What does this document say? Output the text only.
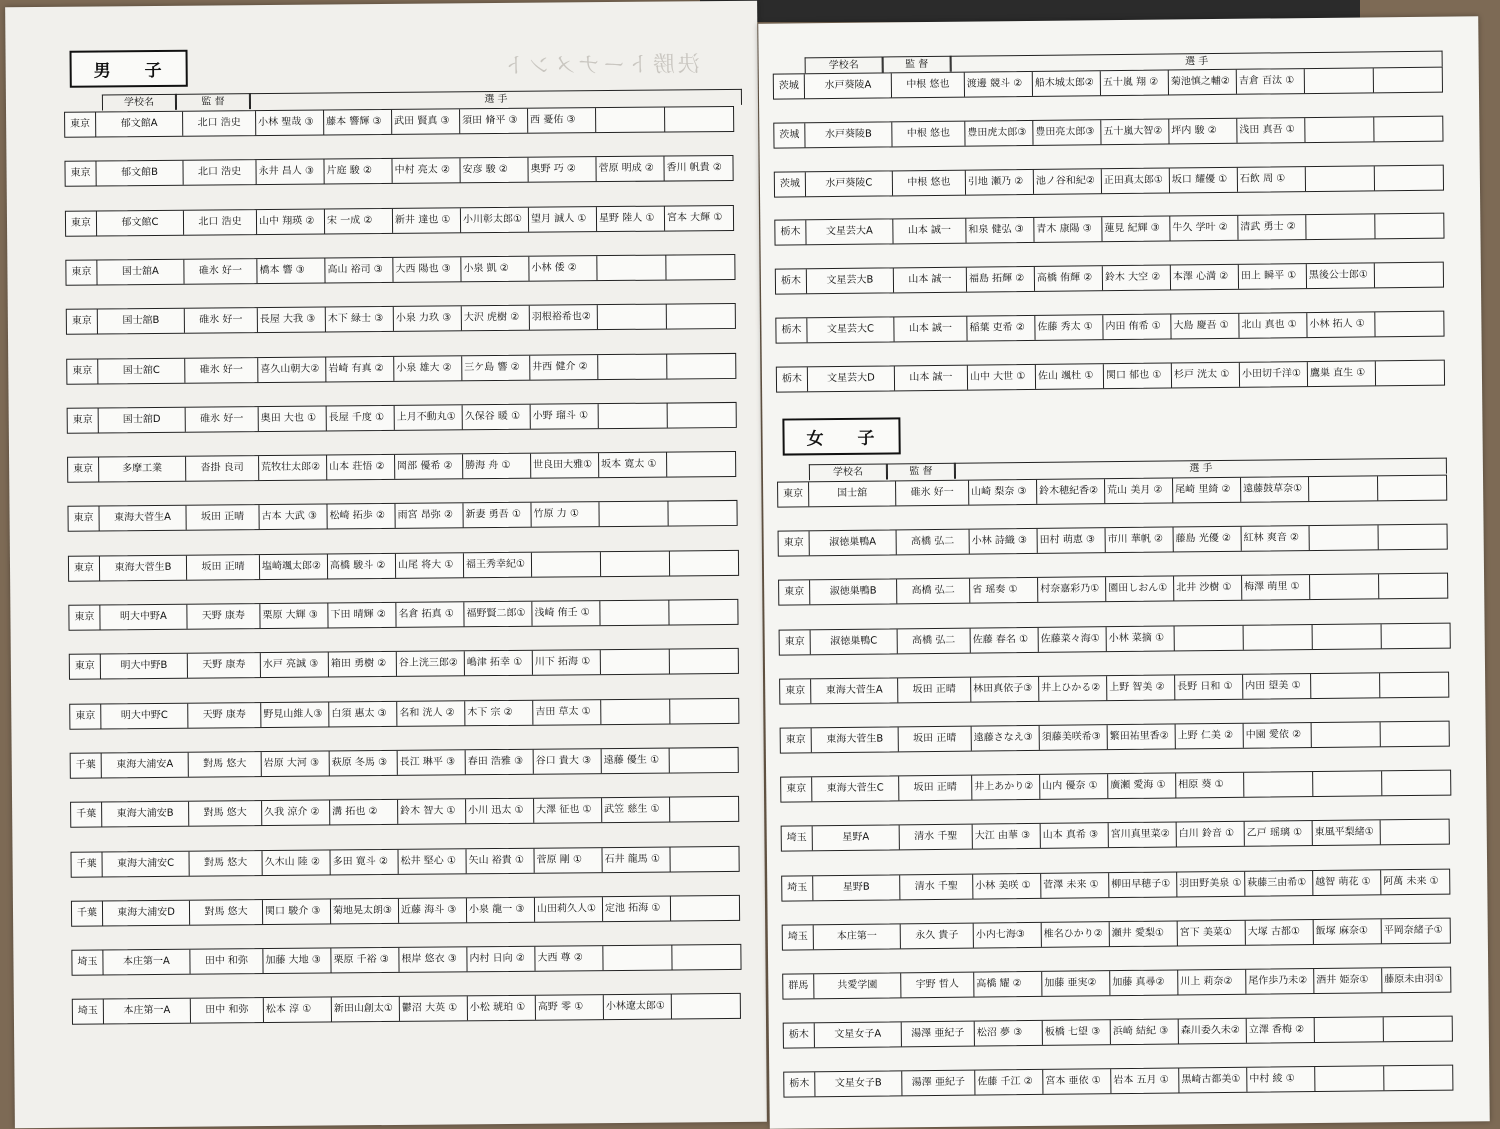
決勝トーナメント
男 子
学校名	監 督	選 手
東京	郁文館A	北口 浩史	小林 聖哉 ③	藤本 響輝 ③	武田 賢真 ③	須田 脩平 ③	西 憂佑 ③
東京	郁文館B	北口 浩史	永井 昌人 ③	片庭 駿 ②	中村 亮太 ②	安彦 駿 ②	奥野 巧 ②	菅原 明成 ②	香川 帆貴 ②
東京	郁文館C	北口 浩史	山中 翔瑛 ②	宋 一成 ②	新井 達也 ①	小川彰太郎① 望月 誠人 ①	星野 陸人 ①	宮本 大輝 ①
東京	国士舘A	碓氷 好一	橋本 響 ③	高山 裕司 ③	大西 陽也 ③	小泉 凱 ②	小林 倭 ②
東京	国士舘B	碓氷 好一	長屋 大我 ③	木下 緑士 ③	小泉 力玖 ③	大沢 虎樹 ②	羽根裕希也②
東京	国士舘C	碓氷 好一	喜久山朝大② 岩崎 有真 ②	小泉 雄大 ②	三ケ島 響 ②	井西 健介 ②
東京	国士舘D	碓氷 好一	奥田 大也 ①	長屋 千度 ①	上月不動丸① 久保谷 暖 ①	小野 瑠斗 ①
東京	多摩工業	沓掛 良司	荒牧壮太郎② 山本 荘悟 ②	岡部 優希 ②	勝海 舟 ①	世良田大雅① 坂本 寛太 ①
東京	東海大菅生A	坂田 正晴	古本 大武 ③	松崎 拓歩 ②	雨宮 昂弥 ②	新妻 勇吾 ①	竹原 力 ①
東京	東海大菅生B	坂田 正晴	塩崎颯太郎② 高橋 駿斗 ②	山尾 将大 ①	福王秀幸紀①
東京	明大中野A	天野 康寿	栗原 大輝 ③	下田 晴輝 ②	名倉 拓真 ①	福野賢二郎① 浅崎 侑壬 ①
東京	明大中野B	天野 康寿	水戸 亮誠 ③	箱田 勇樹 ②	谷上洸三郎② 嶋津 拓幸 ①	川下 拓海 ①
東京	明大中野C	天野 康寿	野見山維人③ 白須 惠太 ③	名和 洸人 ②	木下 宗 ②	吉田 草太 ①
千葉	東海大浦安A	對馬 悠大	岩原 大河 ③	萩原 冬馬 ③	長江 琳平 ③	春田 浩雅 ③	谷口 貴大 ③	遠藤 優生 ①
千葉	東海大浦安B	對馬 悠大	久我 涼介 ②	溝 拓也 ②	鈴木 智大 ①	小川 迅太 ①	大澤 征也 ①	武笠 慈生 ①
千葉	東海大浦安C	對馬 悠大	久木山 陸 ②	多田 寛斗 ②	松井 堅心 ①	矢山 裕貴 ①	菅原 剛 ①	石井 龍馬 ①
千葉	東海大浦安D	對馬 悠大	関口 駿介 ③	菊地晃太朗③ 近藤 海斗 ③	小泉 龍一 ③	山田莉久人① 定池 拓海 ①
埼玉	本庄第一A	田中 和弥	加藤 大地 ③	栗原 千裕 ③	根岸 悠衣 ③	内村 日向 ②	大西 尊 ②
埼玉	本庄第一A	田中 和弥	松本 淳 ①	新田山創太① 鬱沼 大英 ①	小松 琥珀 ①	高野 零 ①	小林遼太郎①
学校名	監 督	選 手
茨城	水戸葵陵A	中根 悠也	渡邊 競斗 ②	船木城太郎② 五十嵐 翔 ②	菊池慎之輔② 吉倉 百汰 ①
茨城	水戸葵陵B	中根 悠也	豊田虎太郎③ 豊田亮太郎③ 五十嵐大智② 坪内 駿 ②	浅田 真吾 ①
茨城	水戸葵陵C	中根 悠也	引地 瀬乃 ②	池ノ谷和紀② 正田真太郎① 坂口 耀優 ①	石飲 周 ①
栃木	文星芸大A	山本 誠一	和泉 健弘 ③	青木 康陽 ③	蓮見 紀輝 ③	牛久 学叶 ②	清武 勇士 ②
栃木	文星芸大B	山本 誠一	福島 拓輝 ②	高橋 侑輝 ②	鈴木 大空 ②	本澤 心満 ②	田上 瞬平 ①	黒後公士郎①
栃木	文星芸大C	山本 誠一	稲葉 吏希 ②	佐藤 秀太 ①	内田 侑希 ①	大島 慶吾 ①	北山 真也 ①	小林 拓人 ①
栃木	文星芸大D	山本 誠一	山中 大世 ①	佐山 颯杜 ①	関口 郁也 ①	杉戸 洸太 ①	小田切千洋① 鷹巣 直生 ①
女 子
学校名	監 督	選 手
東京	国士舘	碓氷 好一	山崎 梨奈 ③	鈴木穂紀香② 荒山 美月 ②	尾崎 里綺 ②	遠藤鼓草奈①
東京	淑徳巣鴨A	高橋 弘二	小林 詩織 ③	田村 萌恵 ③	市川 華帆 ②	藤島 光優 ②	紅林 爽音 ②
東京	淑徳巣鴨B	高橋 弘二	省 瑶奏 ①	村奈嘉彩乃① 園田しおん① 北井 沙樹 ①	梅澤 萌里 ①
東京	淑徳巣鴨C	高橋 弘二	佐藤 春名 ①	佐藤菜々海① 小林 菜摘 ①
東京	東海大菅生A	坂田 正晴	林田真依子③ 井上ひかる② 上野 智美 ②	長野 日和 ①	内田 望美 ①
東京	東海大菅生B	坂田 正晴	遠藤さなえ③ 須藤美咲希③ 繁田祐里香② 上野 仁美 ②	中園 愛依 ②
東京	東海大菅生C	坂田 正晴	井上あかり② 山内 優奈 ①	廣瀬 愛海 ①	相原 葵 ①
埼玉	星野A	清水 千聖	大江 由華 ③	山本 真希 ③	宮川真里菜② 白川 鈴音 ①	乙戸 瑶璃 ①	東風平梨緒①
埼玉	星野B	清水 千聖	小林 美咲 ①	菅澤 未来 ①	柳田早穂子① 羽田野美泉 ① 萩藤三由希① 越智 萌花 ①	阿萬 未来 ①
埼玉	本庄第一	永久 貴子	小内七海③	椎名ひかり② 瀬井 愛梨①	宮下 美菜①	大塚 古都①	飯塚 麻奈①	平岡奈緒子①
群馬	共愛学園	宇野 哲人	高橋 耀 ②	加藤 亜実②	加藤 真尋②	川上 莉奈②	尾作歩乃未② 酒井 姫奈①	藤原未由羽①
栃木	文星女子A	湯澤 亜紀子	松沼 夢 ③	板橋 七望 ③	浜崎 結紀 ③	森川委久未② 立澤 香梅 ②
栃木	文星女子B	湯澤 亜紀子	佐藤 千江 ②	宮本 亜依 ①	岩本 五月 ①	黒崎古都美① 中村 綾 ①
